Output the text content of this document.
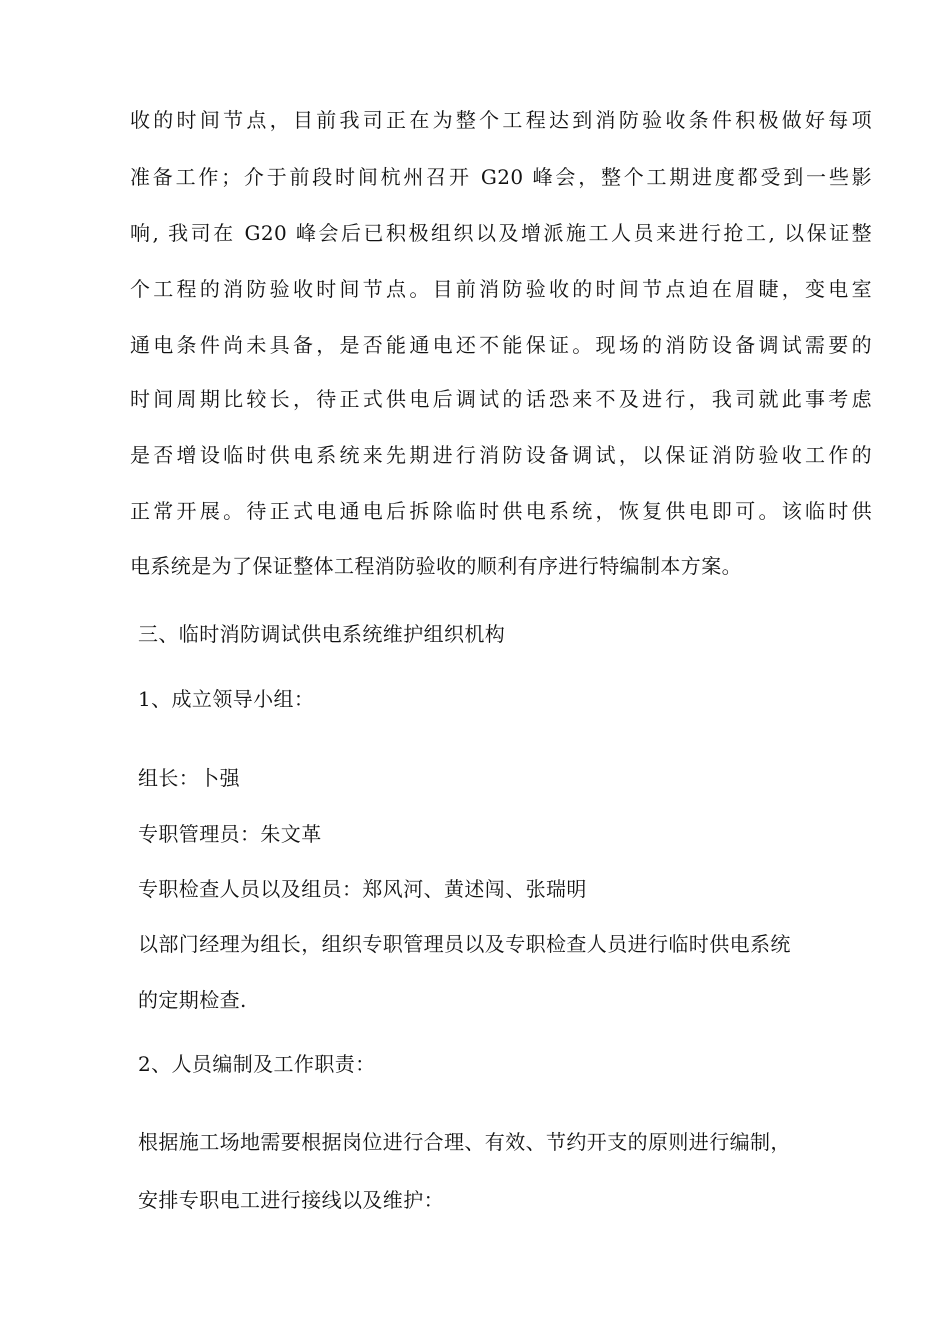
收的时间节点，目前我司正在为整个工程达到消防验收条件积极做好每项
准备工作；介于前段时间杭州召开 G20 峰会，整个工期进度都受到一些影
响, 我司在 G20 峰会后已积极组织以及增派施工人员来进行抢工, 以保证整
个工程的消防验收时间节点。目前消防验收的时间节点迫在眉睫，变电室
通电条件尚未具备，是否能通电还不能保证。现场的消防设备调试需要的
时间周期比较长，待正式供电后调试的话恐来不及进行，我司就此事考虑
是否增设临时供电系统来先期进行消防设备调试，以保证消防验收工作的
正常开展。待正式电通电后拆除临时供电系统，恢复供电即可。该临时供
电系统是为了保证整体工程消防验收的顺利有序进行特编制本方案。
三、临时消防调试供电系统维护组织机构
1、成立领导小组：
组长：卜强
专职管理员：朱文革
专职检查人员以及组员：郑风河、黄述闯、张瑞明
以部门经理为组长，组织专职管理员以及专职检查人员进行临时供电系统
的定期检查.
2、人员编制及工作职责：
根据施工场地需要根据岗位进行合理、有效、节约开支的原则进行编制，
安排专职电工进行接线以及维护：
